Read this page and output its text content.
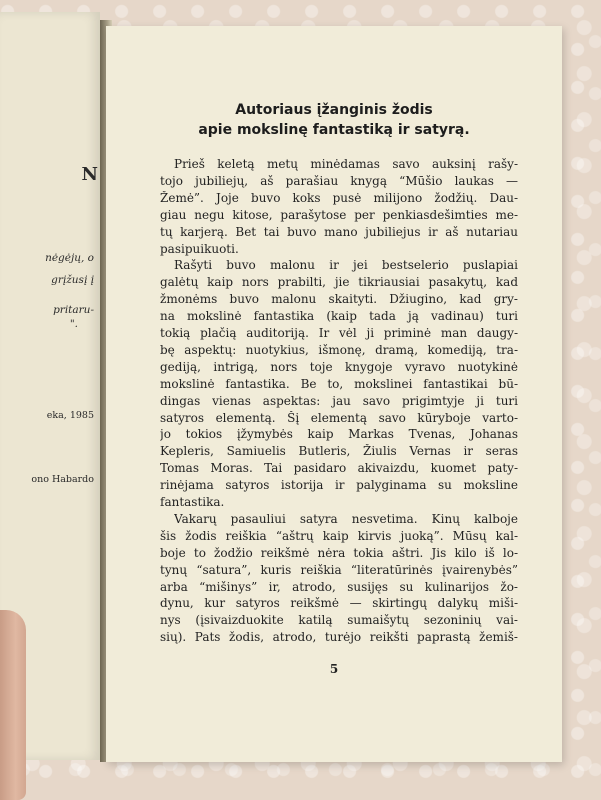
N
nėgėjų, o
grįžusį į
pritaru-
".
eka, 1985
ono Habardo
Autoriaus įžanginis žodis
apie mokslinę fantastiką ir satyrą.
Prieš keletą metų minėdamas savo auksinį rašy-
tojo jubiliejų, aš parašiau knygą “Mūšio laukas —
Žemė”. Joje buvo koks pusė milijono žodžių. Dau-
giau negu kitose, parašytose per penkiasdešimties me-
tų karjerą. Bet tai buvo mano jubiliejus ir aš nutariau
pasipuikuoti.
Rašyti buvo malonu ir jei bestselerio puslapiai
galėtų kaip nors prabilti, jie tikriausiai pasakytų, kad
žmonėms buvo malonu skaityti. Džiugino, kad gry-
na mokslinė fantastika (kaip tada ją vadinau) turi
tokią plačią auditoriją. Ir vėl ji priminė man daugy-
bę aspektų: nuotykius, išmonę, dramą, komediją, tra-
gediją, intrigą, nors toje knygoje vyravo nuotykinė
mokslinė fantastika. Be to, mokslinei fantastikai bū-
dingas vienas aspektas: jau savo prigimtyje ji turi
satyros elementą. Šį elementą savo kūryboje varto-
jo tokios įžymybės kaip Markas Tvenas, Johanas
Kepleris, Samiuelis Butleris, Žiulis Vernas ir seras
Tomas Moras. Tai pasidaro akivaizdu, kuomet paty-
rinėjama satyros istorija ir palyginama su moksline
fantastika.
Vakarų pasauliui satyra nesvetima. Kinų kalboje
šis žodis reiškia “aštrų kaip kirvis juoką”. Mūsų kal-
boje to žodžio reikšmė nėra tokia aštri. Jis kilo iš lo-
tynų “satura”, kuris reiškia “literatūrinės įvairenybės”
arba “mišinys” ir, atrodo, susijęs su kulinarijos žo-
dynu, kur satyros reikšmė — skirtingų dalykų miši-
nys (įsivaizduokite katilą sumaišytų sezoninių vai-
sių). Pats žodis, atrodo, turėjo reikšti paprastą žemiš-
5
